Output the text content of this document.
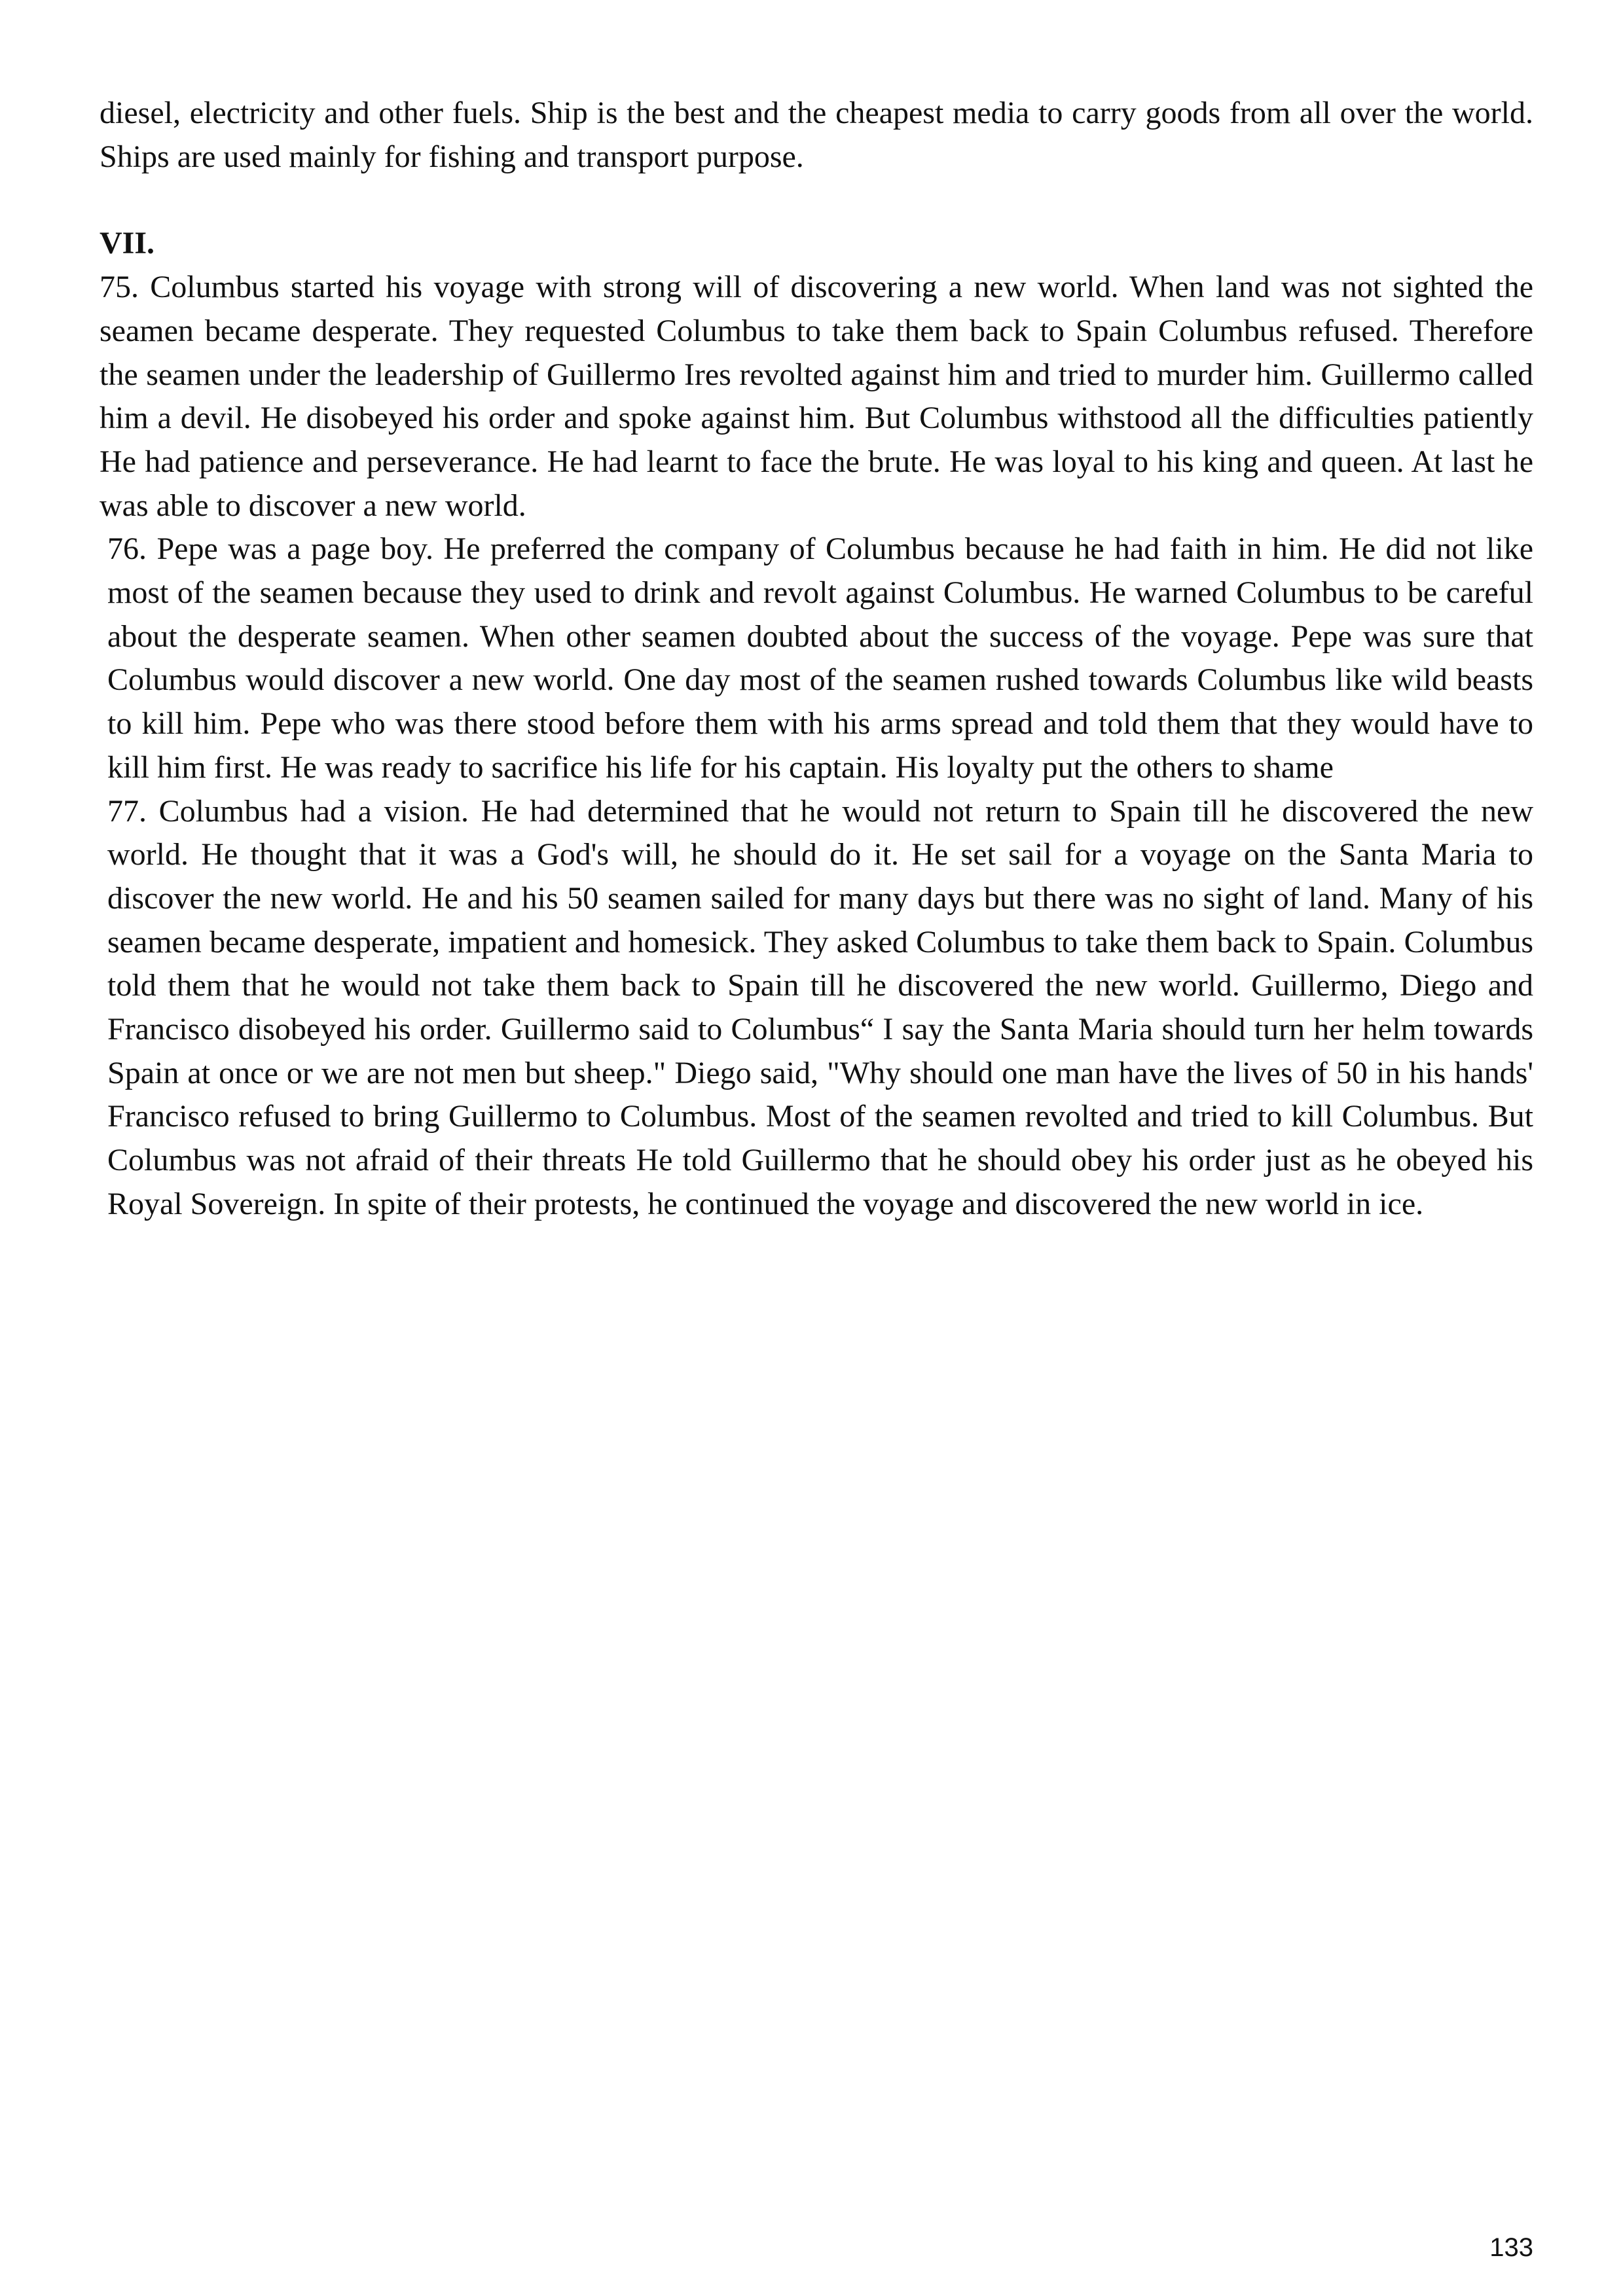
diesel, electricity and other fuels. Ship is the best and the cheapest media to carry goods from all over the world. Ships are used mainly for fishing and transport purpose.

VII.

75. Columbus started his voyage with strong will of discovering a new world. When land was not sighted the seamen became desperate. They requested Columbus to take them back to Spain Columbus refused. Therefore the seamen under the leadership of Guillermo Ires revolted against him and tried to murder him. Guillermo called him a devil. He disobeyed his order and spoke against him. But Columbus withstood all the difficulties patiently He had patience and perseverance. He had learnt to face the brute. He was loyal to his king and queen. At last he was able to discover a new world.

76. Pepe was a page boy. He preferred the company of Columbus because he had faith in him. He did not like most of the seamen because they used to drink and revolt against Columbus. He warned Columbus to be careful about the desperate seamen. When other seamen doubted about the success of the voyage. Pepe was sure that Columbus would discover a new world. One day most of the seamen rushed towards Columbus like wild beasts to kill him. Pepe who was there stood before them with his arms spread and told them that they would have to kill him first. He was ready to sacrifice his life for his captain. His loyalty put the others to shame

77. Columbus had a vision. He had determined that he would not return to Spain till he discovered the new world. He thought that it was a God's will, he should do it. He set sail for a voyage on the Santa Maria to discover the new world. He and his 50 seamen sailed for many days but there was no sight of land. Many of his seamen became desperate, impatient and homesick. They asked Columbus to take them back to Spain. Columbus told them that he would not take them back to Spain till he discovered the new world. Guillermo, Diego and Francisco disobeyed his order. Guillermo said to Columbus“ I say the Santa Maria should turn her helm towards Spain at once or we are not men but sheep." Diego said, "Why should one man have the lives of 50 in his hands' Francisco refused to bring Guillermo to Columbus. Most of the seamen revolted and tried to kill Columbus. But Columbus was not afraid of their threats He told Guillermo that he should obey his order just as he obeyed his Royal Sovereign. In spite of their protests, he continued the voyage and discovered the new world in ice.

133
